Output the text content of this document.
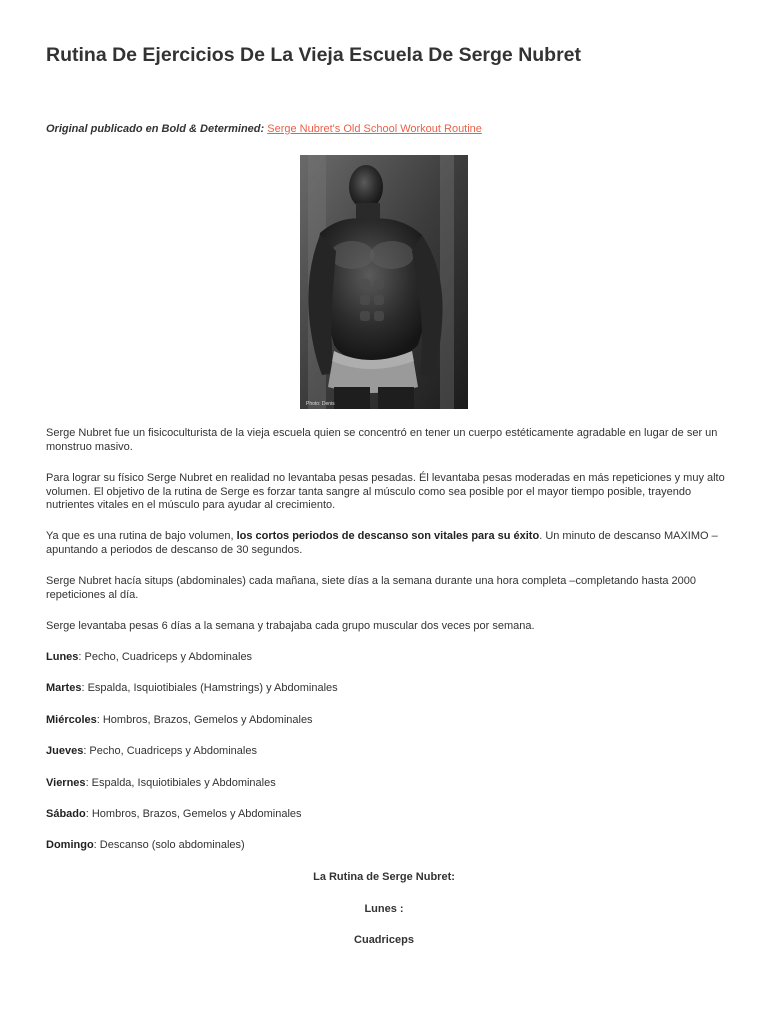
Rutina De Ejercicios De La Vieja Escuela De Serge Nubret

Original publicado en Bold & Determined: Serge Nubret's Old School Workout Routine

Photo: Denis

Serge Nubret fue un fisicoculturista de la vieja escuela quien se concentró en tener un cuerpo estéticamente agradable en lugar de ser un monstruo masivo.

Para lograr su físico Serge Nubret en realidad no levantaba pesas pesadas. Él levantaba pesas moderadas en más repeticiones y muy alto volumen. El objetivo de la rutina de Serge es forzar tanta sangre al músculo como sea posible por el mayor tiempo posible, trayendo nutrientes vitales en el músculo para ayudar al crecimiento.

Ya que es una rutina de bajo volumen, los cortos periodos de descanso son vitales para su éxito. Un minuto de descanso MAXIMO – apuntando a periodos de descanso de 30 segundos.

Serge Nubret hacía situps (abdominales) cada mañana, siete días a la semana durante una hora completa –completando hasta 2000 repeticiones al día.

Serge levantaba pesas 6 días a la semana y trabajaba cada grupo muscular dos veces por semana.

Lunes: Pecho, Cuadriceps y Abdominales

Martes: Espalda, Isquiotibiales (Hamstrings) y Abdominales

Miércoles: Hombros, Brazos, Gemelos y Abdominales

Jueves: Pecho, Cuadriceps y Abdominales

Viernes: Espalda, Isquiotibiales y Abdominales

Sábado: Hombros, Brazos, Gemelos y Abdominales

Domingo: Descanso (solo abdominales)

La Rutina de Serge Nubret:

Lunes :

Cuadriceps
